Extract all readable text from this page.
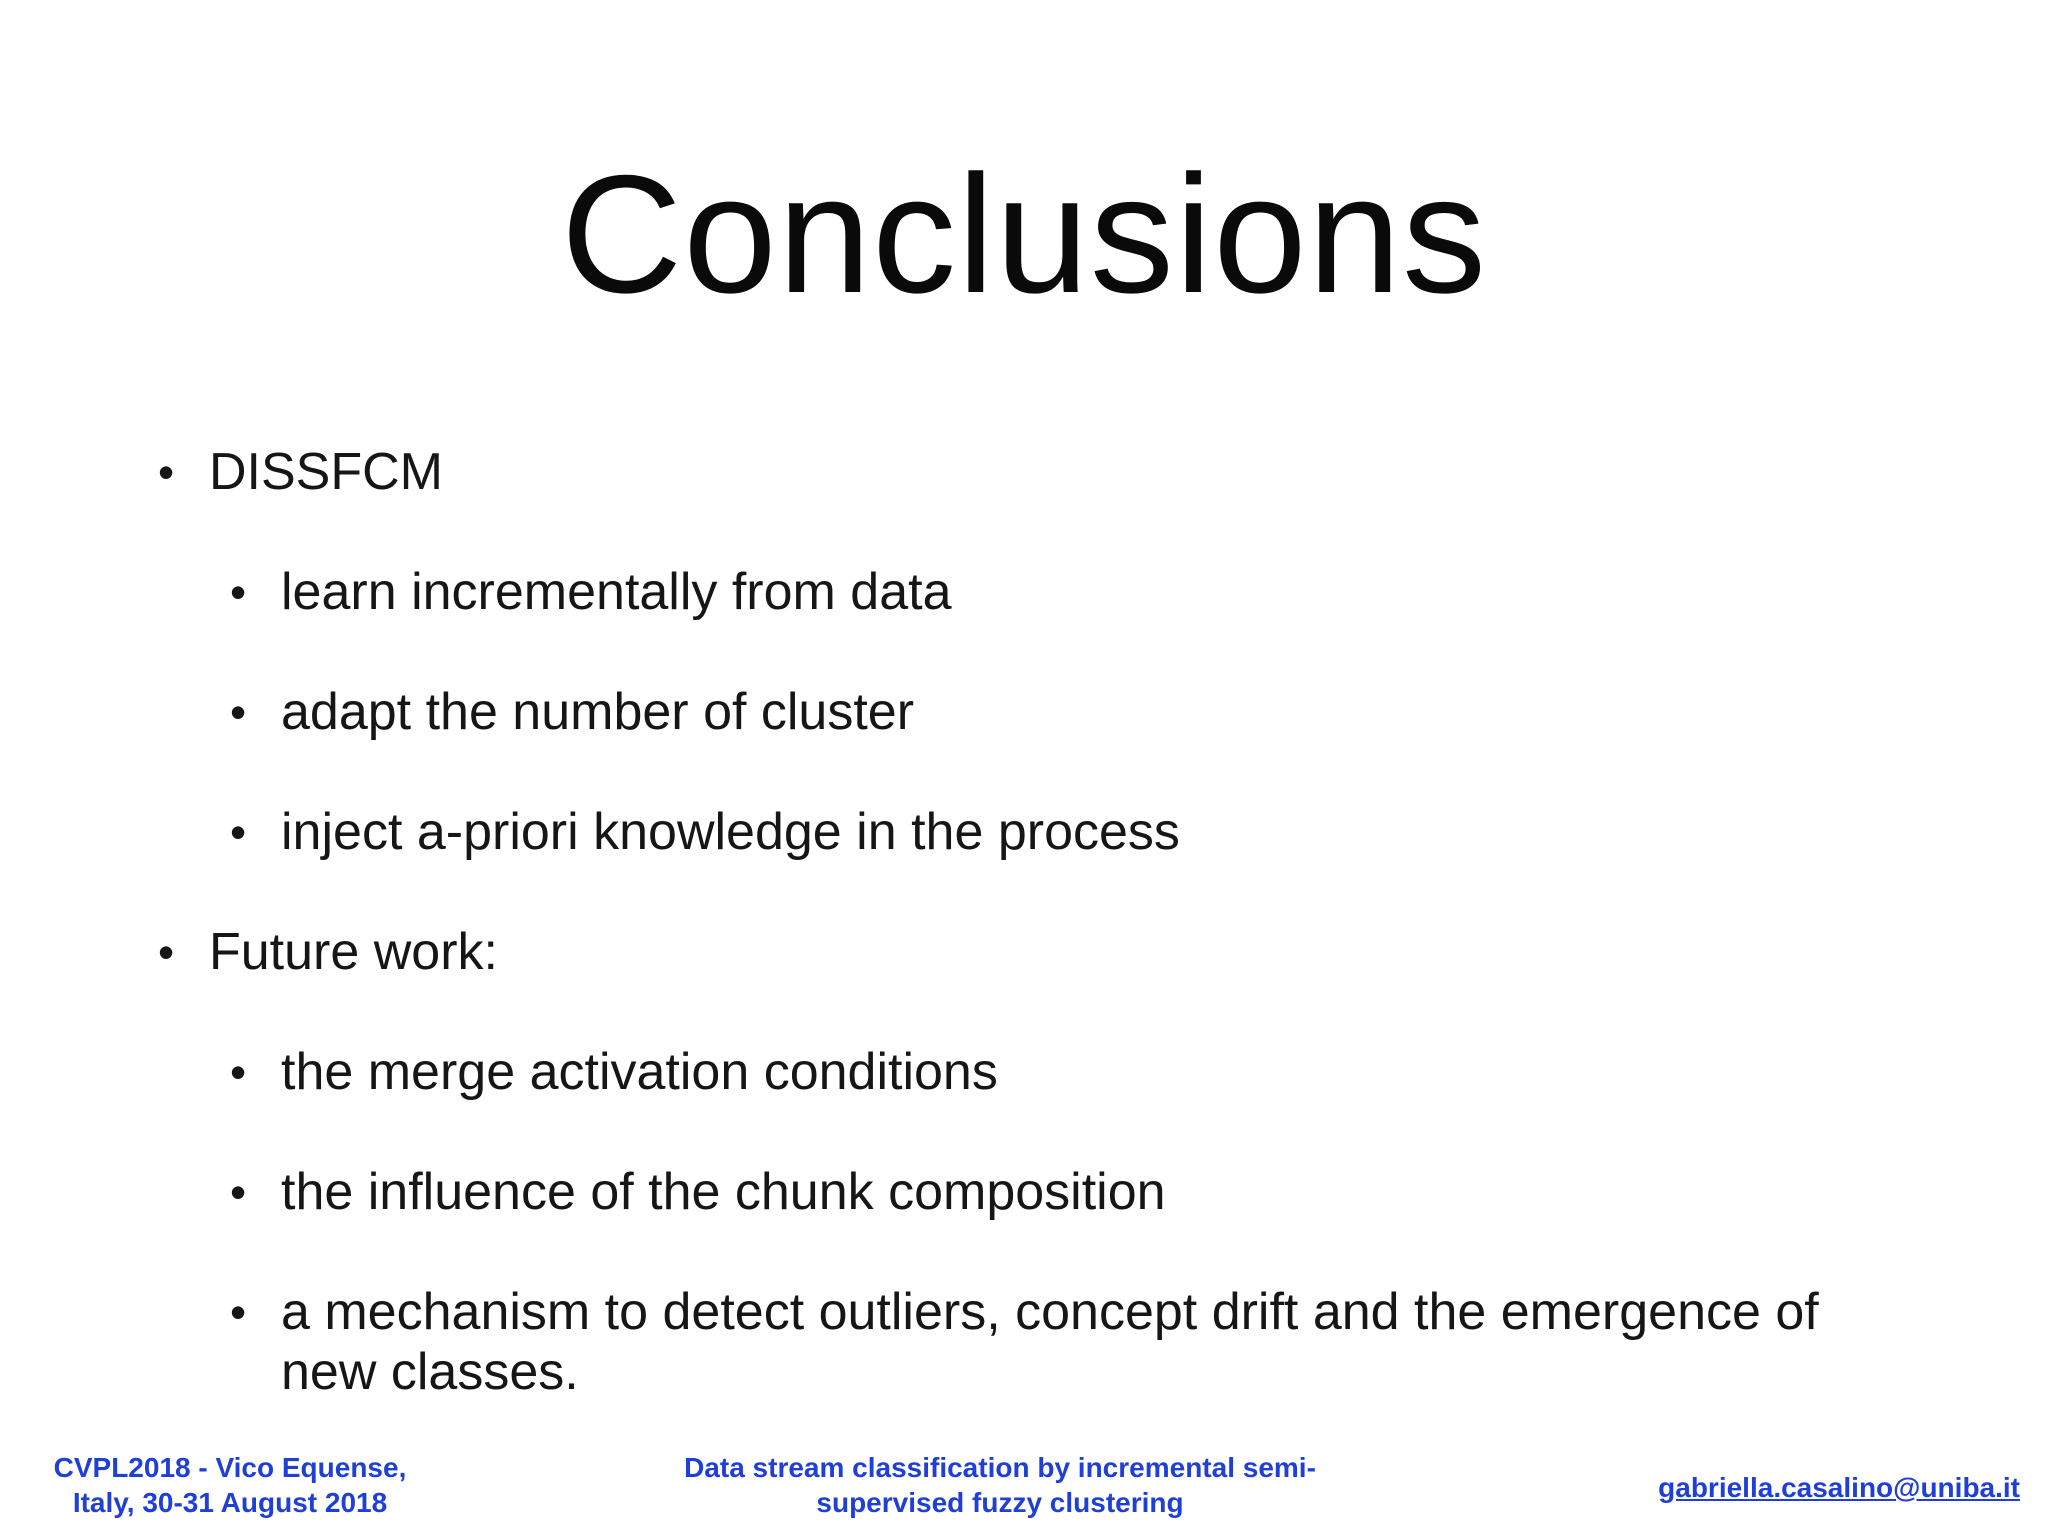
Conclusions
• DISSFCM
• learn incrementally from data
• adapt the number of cluster
• inject a-priori knowledge in the process
• Future work:
• the merge activation conditions
• the influence of the chunk composition
• a mechanism to detect outliers, concept drift and the emergence of new classes.
CVPL2018 - Vico Equense,
Italy, 30-31 August 2018
Data stream classification by incremental semi-
supervised fuzzy clustering	gabriella.casalino@uniba.it
